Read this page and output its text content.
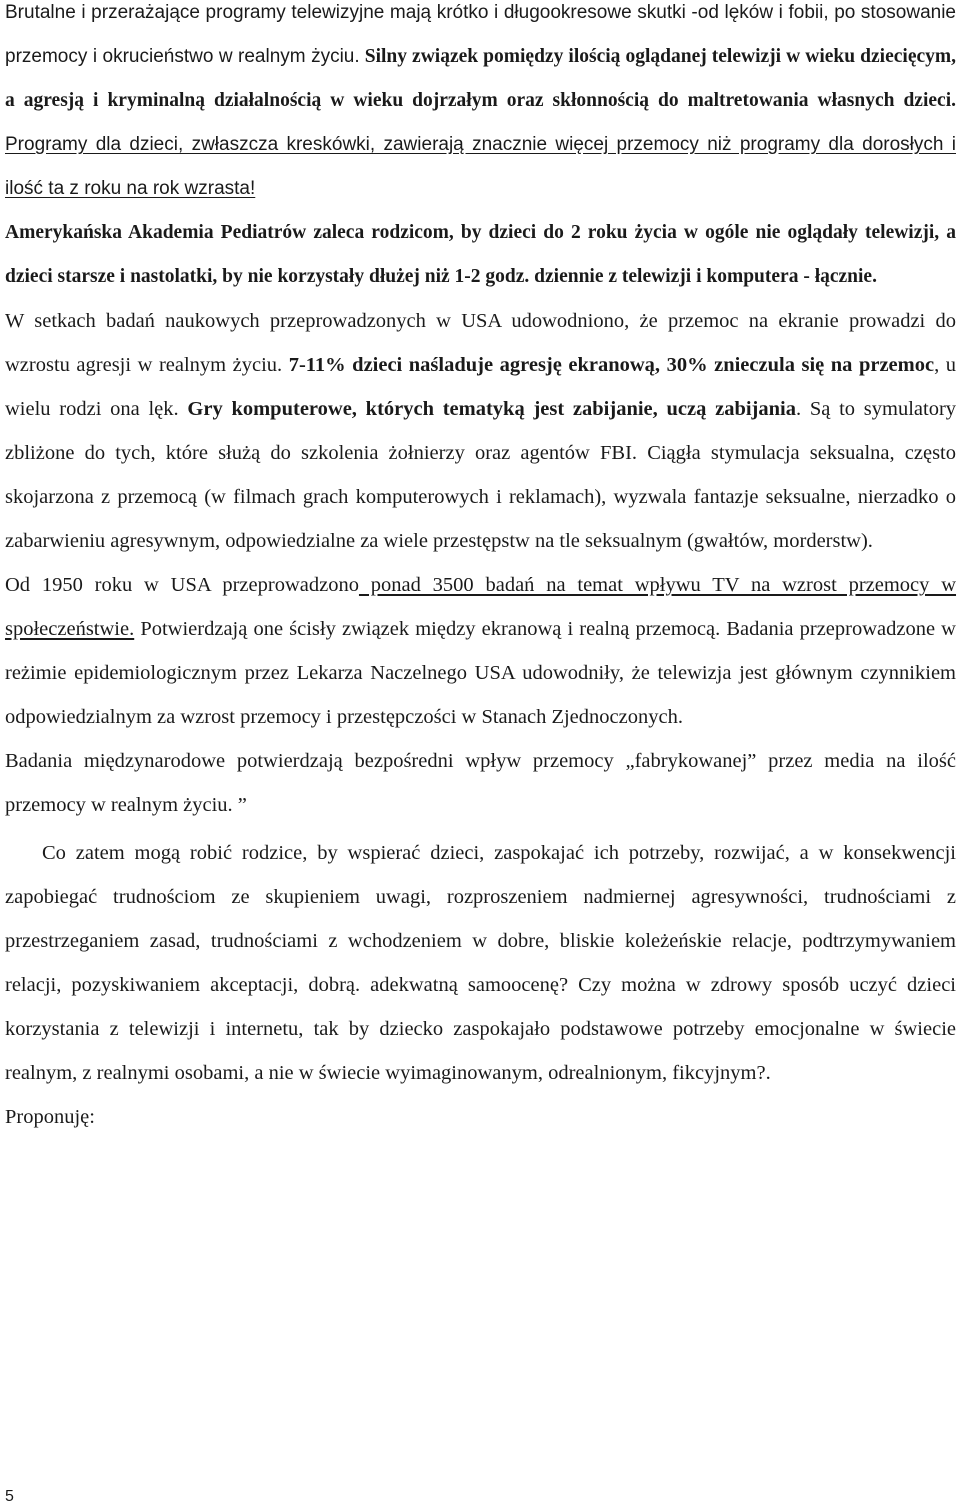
Brutalne i przerażające programy telewizyjne mają krótko i długookresowe skutki -od lęków i fobii, po stosowanie przemocy i okrucieństwo w realnym życiu. Silny związek pomiędzy ilością oglądanej telewizji w wieku dziecięcym, a agresją i kryminalną działalnością w wieku dojrzałym oraz skłonnością do maltretowania własnych dzieci. Programy dla dzieci, zwłaszcza kreskówki, zawierają znacznie więcej przemocy niż programy dla dorosłych i ilość ta z roku na rok wzrasta!

Amerykańska Akademia Pediatrów zaleca rodzicom, by dzieci do 2 roku życia w ogóle nie oglądały telewizji, a dzieci starsze i nastolatki, by nie korzystały dłużej niż 1-2 godz. dziennie z telewizji i komputera - łącznie.

W setkach badań naukowych przeprowadzonych w USA udowodniono, że przemoc na ekranie prowadzi do wzrostu agresji w realnym życiu. 7-11% dzieci naśladuje agresję ekranową, 30% znieczula się na przemoc, u wielu rodzi ona lęk. Gry komputerowe, których tematyką jest zabijanie, uczą zabijania. Są to symulatory zbliżone do tych, które służą do szkolenia żołnierzy oraz agentów FBI. Ciągła stymulacja seksualna, często skojarzona z przemocą (w filmach grach komputerowych i reklamach), wyzwala fantazje seksualne, nierzadko o zabarwieniu agresywnym, odpowiedzialne za wiele przestępstw na tle seksualnym (gwałtów, morderstw).

Od 1950 roku w USA przeprowadzono ponad 3500 badań na temat wpływu TV na wzrost przemocy w społeczeństwie. Potwierdzają one ścisły związek między ekranową i realną przemocą. Badania przeprowadzone w reżimie epidemiologicznym przez Lekarza Naczelnego USA udowodniły, że telewizja jest głównym czynnikiem odpowiedzialnym za wzrost przemocy i przestępczości w Stanach Zjednoczonych.

Badania międzynarodowe potwierdzają bezpośredni wpływ przemocy „fabrykowanej” przez media na ilość przemocy w realnym życiu. ”

Co zatem mogą robić rodzice, by wspierać dzieci, zaspokajać ich potrzeby, rozwijać, a w konsekwencji zapobiegać trudnościom ze skupieniem uwagi, rozproszeniem nadmiernej agresywności, trudnościami z przestrzeganiem zasad, trudnościami z wchodzeniem w dobre, bliskie koleżeńskie relacje, podtrzymywaniem relacji, pozyskiwaniem akceptacji, dobrą. adekwatną samoocenę? Czy można w zdrowy sposób uczyć dzieci korzystania z telewizji i internetu, tak by dziecko zaspokajało podstawowe potrzeby emocjonalne w świecie realnym, z realnymi osobami, a nie w świecie wyimaginowanym, odrealnionym, fikcyjnym?.

Proponuję:

5
